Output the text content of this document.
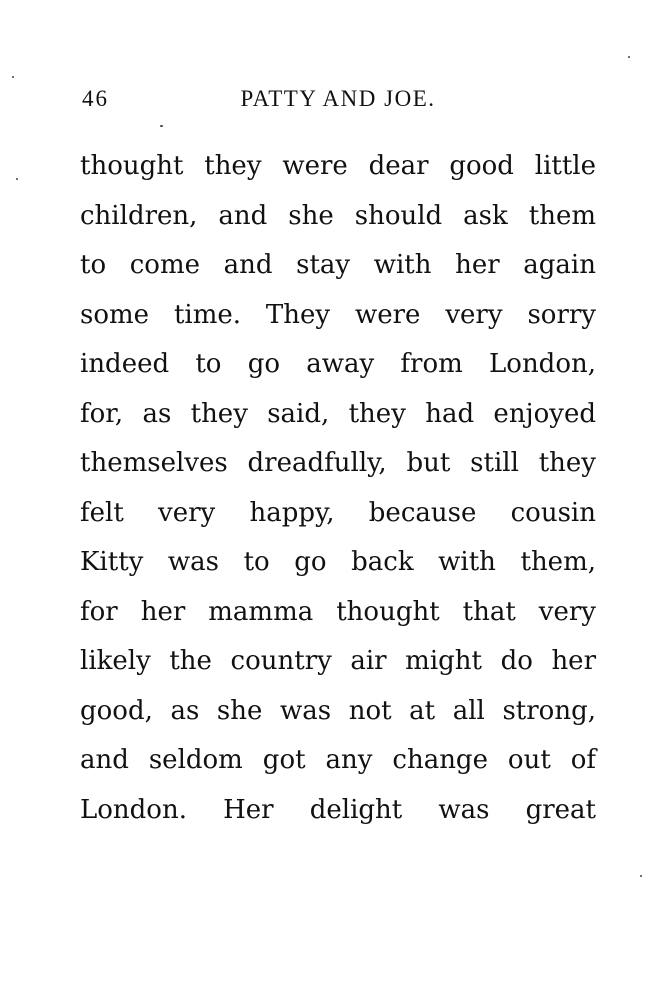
46	PATTY AND JOE.
thought they were dear good little
children, and she should ask them
to come and stay with her again
some time. They were very sorry
indeed to go away from London,
for, as they said, they had enjoyed
themselves dreadfully, but still they
felt very happy, because cousin
Kitty was to go back with them,
for her mamma thought that very
likely the country air might do her
good, as she was not at all strong,
and seldom got any change out of
London. Her delight was great
